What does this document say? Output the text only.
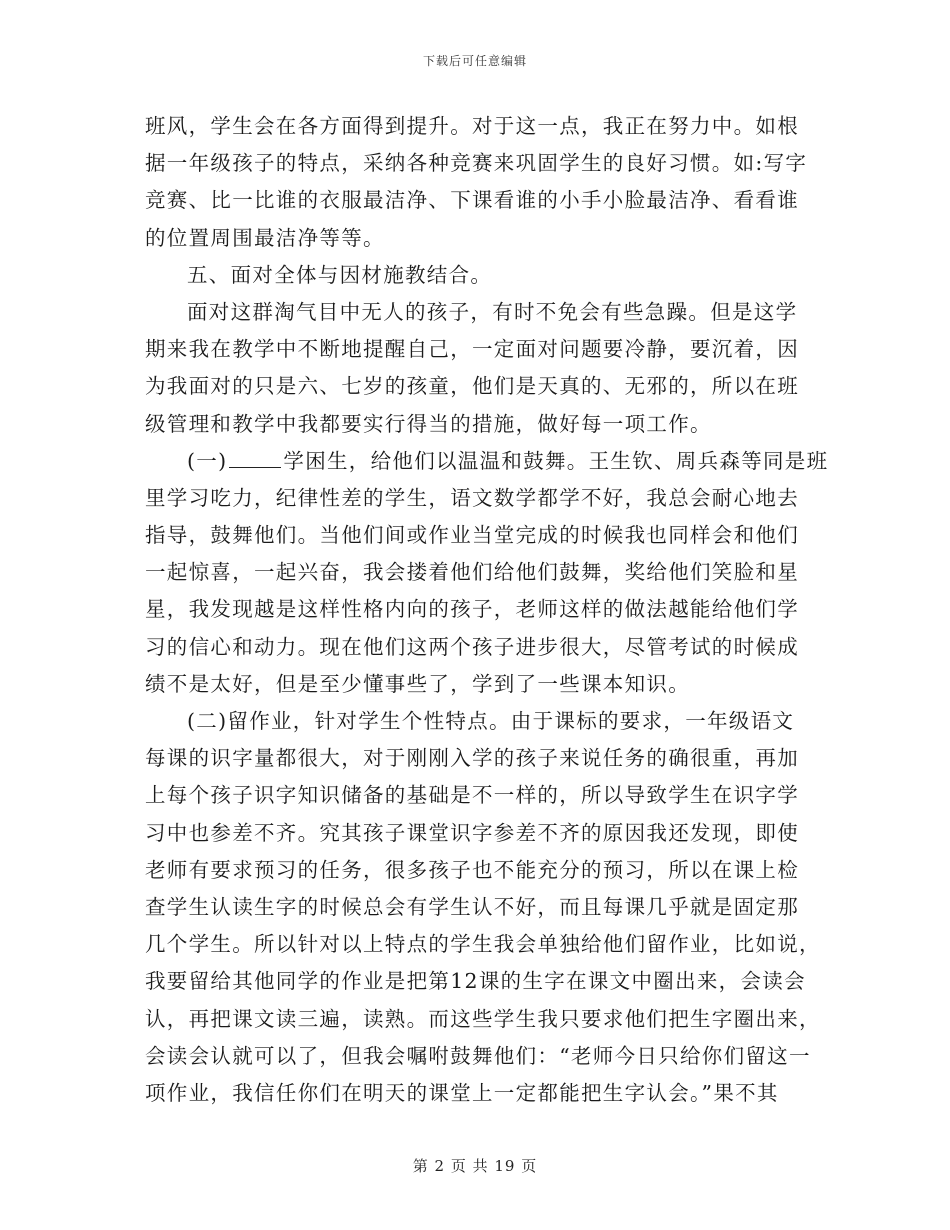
下载后可任意编辑
班风，学生会在各方面得到提升。对于这一点，我正在努力中。如根
据一年级孩子的特点，采纳各种竞赛来巩固学生的良好习惯。如:写字
竞赛、比一比谁的衣服最洁净、下课看谁的小手小脸最洁净、看看谁
的位置周围最洁净等等。
五、面对全体与因材施教结合。
面对这群淘气目中无人的孩子，有时不免会有些急躁。但是这学
期来我在教学中不断地提醒自己，一定面对问题要冷静，要沉着，因
为我面对的只是六、七岁的孩童，他们是天真的、无邪的，所以在班
级管理和教学中我都要实行得当的措施，做好每一项工作。
(一)	学困生，给他们以温温和鼓舞。王生钦、周兵森等同是班
里学习吃力，纪律性差的学生，语文数学都学不好，我总会耐心地去
指导，鼓舞他们。当他们间或作业当堂完成的时候我也同样会和他们
一起惊喜，一起兴奋，我会搂着他们给他们鼓舞，奖给他们笑脸和星
星，我发现越是这样性格内向的孩子，老师这样的做法越能给他们学
习的信心和动力。现在他们这两个孩子进步很大，尽管考试的时候成
绩不是太好，但是至少懂事些了，学到了一些课本知识。
(二)留作业，针对学生个性特点。由于课标的要求，一年级语文
每课的识字量都很大，对于刚刚入学的孩子来说任务的确很重，再加
上每个孩子识字知识储备的基础是不一样的，所以导致学生在识字学
习中也参差不齐。究其孩子课堂识字参差不齐的原因我还发现，即使
老师有要求预习的任务，很多孩子也不能充分的预习，所以在课上检
查学生认读生字的时候总会有学生认不好，而且每课几乎就是固定那
几个学生。所以针对以上特点的学生我会单独给他们留作业，比如说，
我要留给其他同学的作业是把第12课的生字在课文中圈出来，会读会
认，再把课文读三遍，读熟。而这些学生我只要求他们把生字圈出来，
会读会认就可以了，但我会嘱咐鼓舞他们：“老师今日只给你们留这一
项作业，我信任你们在明天的课堂上一定都能把生字认会。”果不其
第 2 页 共 19 页
